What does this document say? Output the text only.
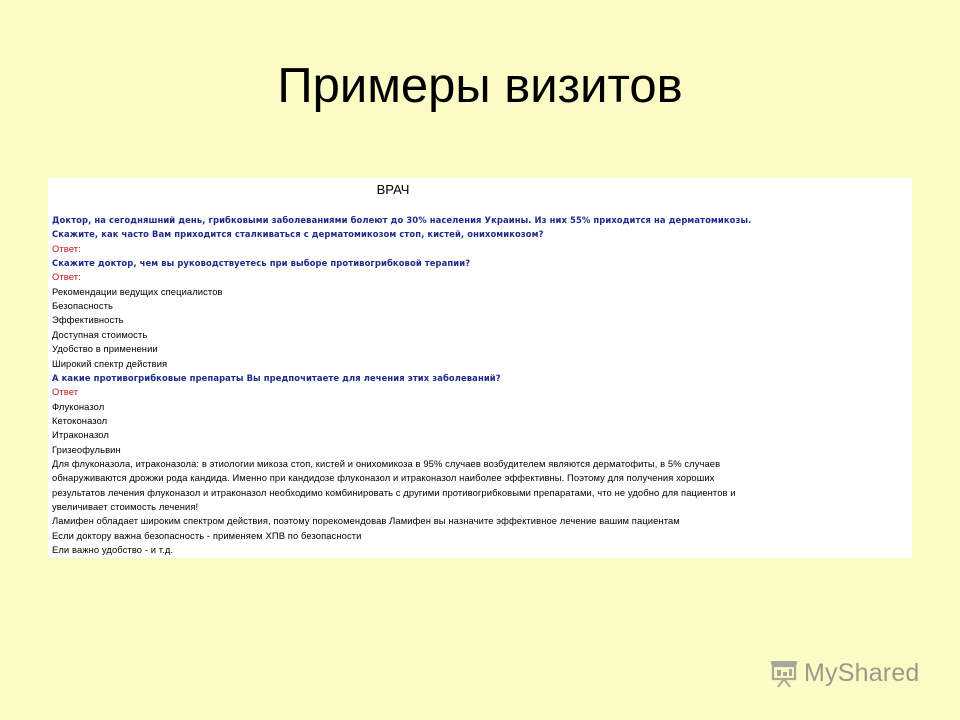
Примеры визитов
ВРАЧ
Доктор, на сегодняшний день, грибковыми заболеваниями болеют до 30% населения Украины. Из них 55% приходится на дерматомикозы.
Скажите, как часто Вам приходится сталкиваться с дерматомикозом стоп, кистей, онихомикозом?
Ответ:
Скажите доктор, чем вы руководствуетесь при выборе противогрибковой терапии?
Ответ:
Рекомендации ведущих специалистов
Безопасность
Эффективность
Доступная стоимость
Удобство в применении
Широкий спектр действия
А какие противогрибковые препараты Вы предпочитаете для лечения этих заболеваний?
Ответ
Флуконазол
Кетоконазол
Итраконазол
Гризеофульвин
Для флуконазола, итраконазола: в этиологии микоза стоп, кистей и онихомикоза в 95% случаев возбудителем являются дерматофиты, в 5% случаев
обнаруживаются дрожжи рода кандида. Именно при кандидозе флуконазол и итраконазол наиболее эффективны. Поэтому для получения хороших
результатов лечения флуконазол и итраконазол необходимо комбинировать с другими противогрибковыми препаратами, что не удобно для пациентов и
увеличивает стоимость лечения!
Ламифен обладает широким спектром действия, поэтому порекомендовав Ламифен вы назначите эффективное лечение вашим пациентам
Если доктору важна безопасность - применяем ХПВ по безопасности
Ели важно удобство - и т.д.
MyShared
